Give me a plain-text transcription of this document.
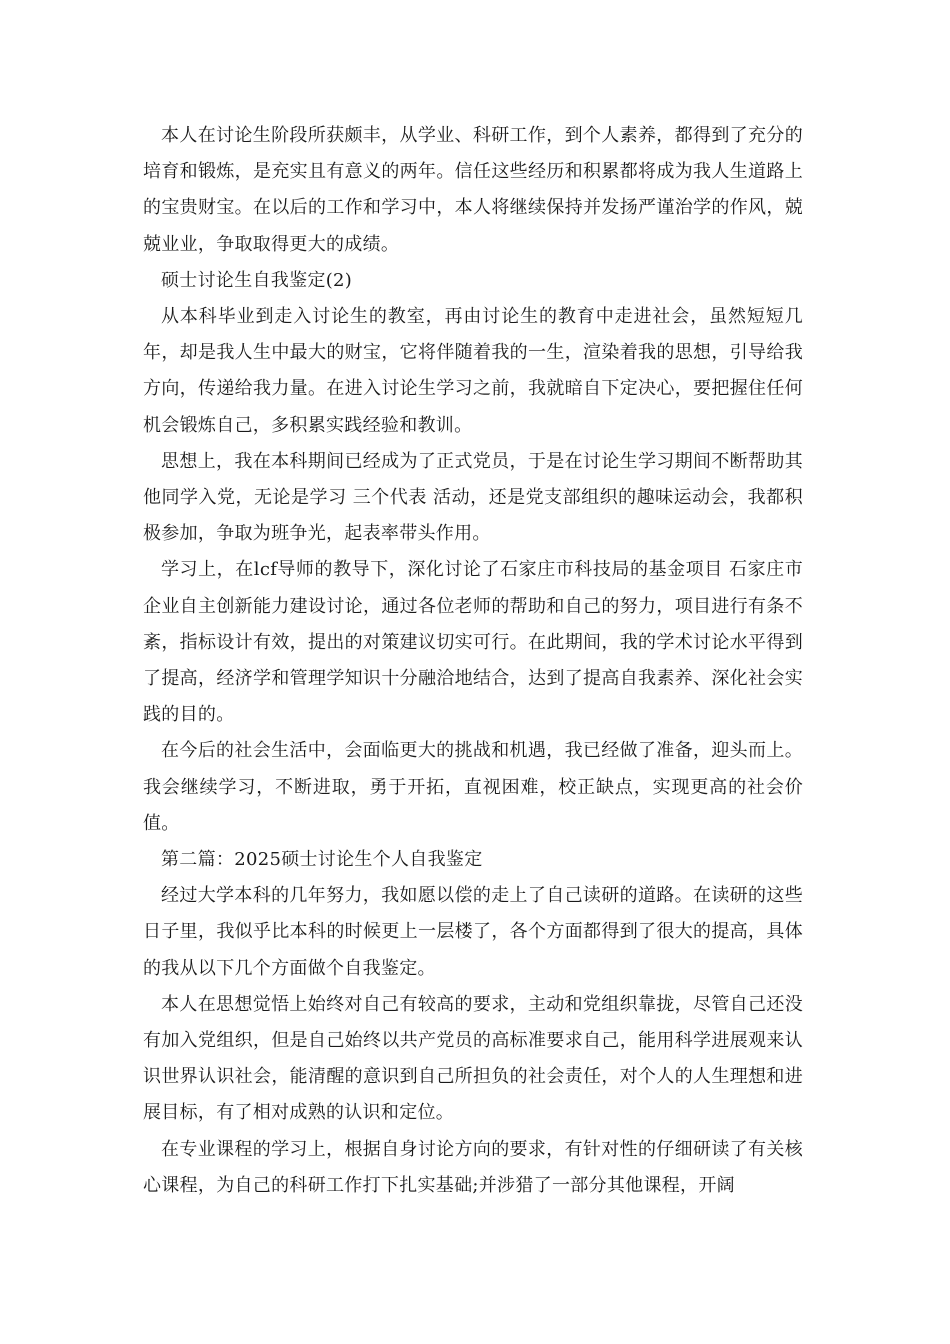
本人在讨论生阶段所获颇丰，从学业、科研工作，到个人素养，都得到了充分的培育和锻炼，是充实且有意义的两年。信任这些经历和积累都将成为我人生道路上的宝贵财宝。在以后的工作和学习中，本人将继续保持并发扬严谨治学的作风，兢兢业业，争取取得更大的成绩。

硕士讨论生自我鉴定(2)

从本科毕业到走入讨论生的教室，再由讨论生的教育中走进社会，虽然短短几年，却是我人生中最大的财宝，它将伴随着我的一生，渲染着我的思想，引导给我方向，传递给我力量。在进入讨论生学习之前，我就暗自下定决心，要把握住任何机会锻炼自己，多积累实践经验和教训。

思想上，我在本科期间已经成为了正式党员，于是在讨论生学习期间不断帮助其他同学入党，无论是学习 三个代表 活动，还是党支部组织的趣味运动会，我都积极参加，争取为班争光，起表率带头作用。

学习上，在lcf导师的教导下，深化讨论了石家庄市科技局的基金项目 石家庄市企业自主创新能力建设讨论，通过各位老师的帮助和自己的努力，项目进行有条不紊，指标设计有效，提出的对策建议切实可行。在此期间，我的学术讨论水平得到了提高，经济学和管理学知识十分融洽地结合，达到了提高自我素养、深化社会实践的目的。

在今后的社会生活中，会面临更大的挑战和机遇，我已经做了准备，迎头而上。我会继续学习，不断进取，勇于开拓，直视困难，校正缺点，实现更高的社会价值。

第二篇：2025硕士讨论生个人自我鉴定

经过大学本科的几年努力，我如愿以偿的走上了自己读研的道路。在读研的这些日子里，我似乎比本科的时候更上一层楼了，各个方面都得到了很大的提高，具体的我从以下几个方面做个自我鉴定。

本人在思想觉悟上始终对自己有较高的要求，主动和党组织靠拢，尽管自己还没有加入党组织，但是自己始终以共产党员的高标准要求自己，能用科学进展观来认识世界认识社会，能清醒的意识到自己所担负的社会责任，对个人的人生理想和进展目标，有了相对成熟的认识和定位。

在专业课程的学习上，根据自身讨论方向的要求，有针对性的仔细研读了有关核心课程，为自己的科研工作打下扎实基础;并涉猎了一部分其他课程，开阔
